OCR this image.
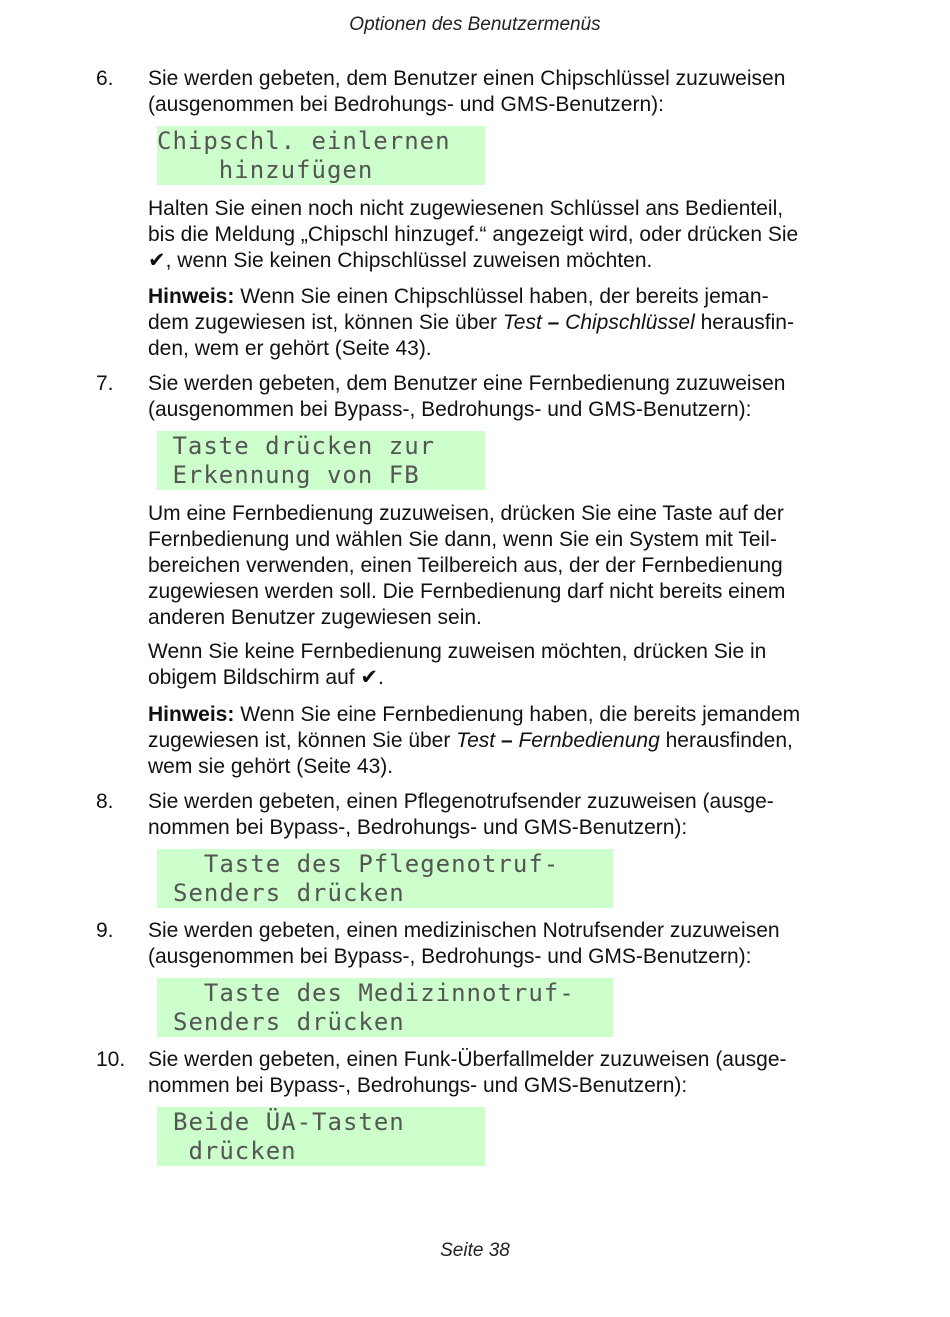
Optionen des Benutzermenüs
6. Sie werden gebeten, dem Benutzer einen Chipschlüssel zuzuweisen
(ausgenommen bei Bedrohungs- und GMS-Benutzern):
Chipschl. einlernen
hinzufügen
Halten Sie einen noch nicht zugewiesenen Schlüssel ans Bedienteil,
bis die Meldung „Chipschl hinzugef.“ angezeigt wird, oder drücken Sie
✔, wenn Sie keinen Chipschlüssel zuweisen möchten.
Hinweis: Wenn Sie einen Chipschlüssel haben, der bereits jeman-
dem zugewiesen ist, können Sie über Test – Chipschlüssel herausfin-
den, wem er gehört (Seite 43).
7. Sie werden gebeten, dem Benutzer eine Fernbedienung zuzuweisen
(ausgenommen bei Bypass-, Bedrohungs- und GMS-Benutzern):
Taste drücken zur
Erkennung von FB
Um eine Fernbedienung zuzuweisen, drücken Sie eine Taste auf der
Fernbedienung und wählen Sie dann, wenn Sie ein System mit Teil-
bereichen verwenden, einen Teilbereich aus, der der Fernbedienung
zugewiesen werden soll. Die Fernbedienung darf nicht bereits einem
anderen Benutzer zugewiesen sein.
Wenn Sie keine Fernbedienung zuweisen möchten, drücken Sie in
obigem Bildschirm auf ✔.
Hinweis: Wenn Sie eine Fernbedienung haben, die bereits jemandem
zugewiesen ist, können Sie über Test – Fernbedienung herausfinden,
wem sie gehört (Seite 43).
8. Sie werden gebeten, einen Pflegenotrufsender zuzuweisen (ausge-
nommen bei Bypass-, Bedrohungs- und GMS-Benutzern):
Taste des Pflegenotruf-
Senders drücken
9. Sie werden gebeten, einen medizinischen Notrufsender zuzuweisen
(ausgenommen bei Bypass-, Bedrohungs- und GMS-Benutzern):
Taste des Medizinnotruf-
Senders drücken
10. Sie werden gebeten, einen Funk-Überfallmelder zuzuweisen (ausge-
nommen bei Bypass-, Bedrohungs- und GMS-Benutzern):
Beide ÜA-Tasten
drücken
Seite 38
